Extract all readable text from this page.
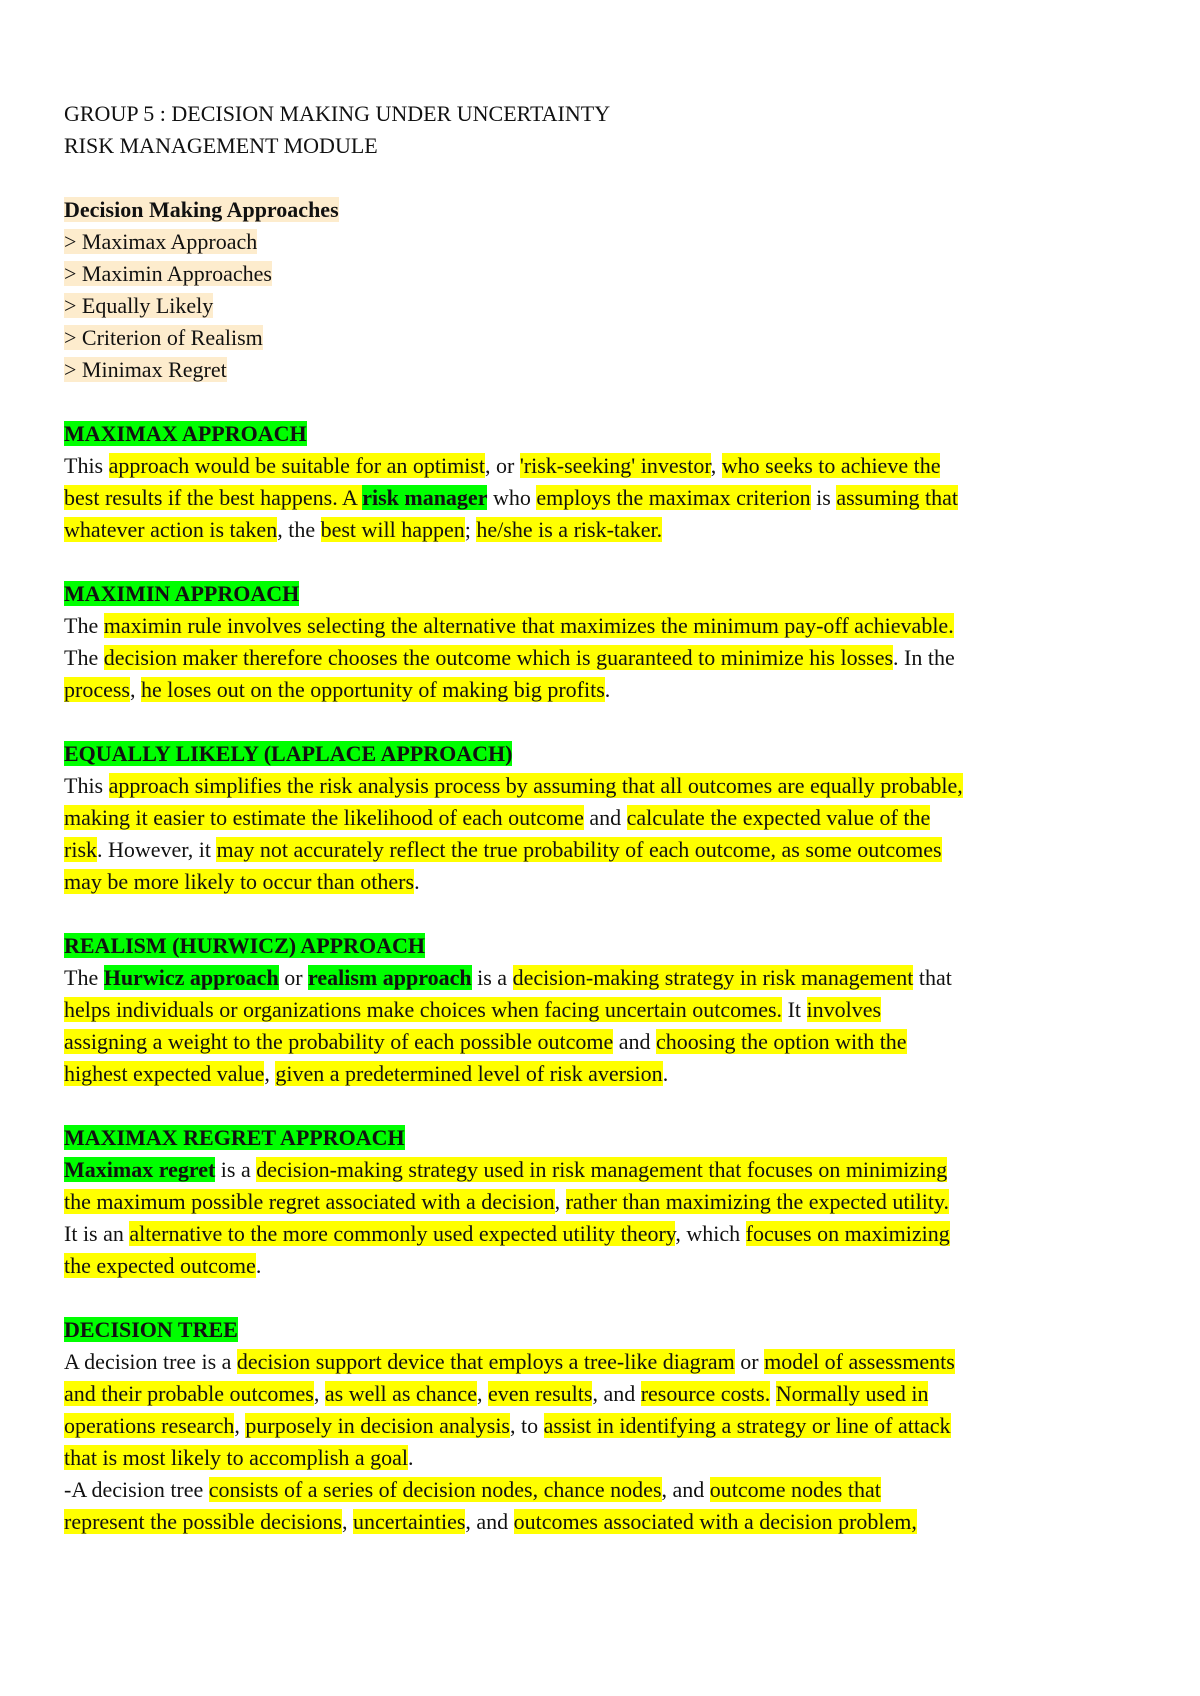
GROUP 5 : DECISION MAKING UNDER UNCERTAINTY
RISK MANAGEMENT MODULE
Decision Making Approaches
> Maximax Approach
> Maximin Approaches
> Equally Likely
> Criterion of Realism
> Minimax Regret
MAXIMAX APPROACH
This approach would be suitable for an optimist, or 'risk-seeking' investor, who seeks to achieve the
best results if the best happens. A risk manager who employs the maximax criterion is assuming that
whatever action is taken, the best will happen; he/she is a risk-taker.
MAXIMIN APPROACH
The maximin rule involves selecting the alternative that maximizes the minimum pay-off achievable.
The decision maker therefore chooses the outcome which is guaranteed to minimize his losses. In the
process, he loses out on the opportunity of making big profits.
EQUALLY LIKELY (LAPLACE APPROACH)
This approach simplifies the risk analysis process by assuming that all outcomes are equally probable,
making it easier to estimate the likelihood of each outcome and calculate the expected value of the
risk. However, it may not accurately reflect the true probability of each outcome, as some outcomes
may be more likely to occur than others.
REALISM (HURWICZ) APPROACH
The Hurwicz approach or realism approach is a decision-making strategy in risk management that
helps individuals or organizations make choices when facing uncertain outcomes. It involves
assigning a weight to the probability of each possible outcome and choosing the option with the
highest expected value, given a predetermined level of risk aversion.
MAXIMAX REGRET APPROACH
Maximax regret is a decision-making strategy used in risk management that focuses on minimizing
the maximum possible regret associated with a decision, rather than maximizing the expected utility.
It is an alternative to the more commonly used expected utility theory, which focuses on maximizing
the expected outcome.
DECISION TREE
A decision tree is a decision support device that employs a tree-like diagram or model of assessments
and their probable outcomes, as well as chance, even results, and resource costs. Normally used in
operations research, purposely in decision analysis, to assist in identifying a strategy or line of attack
that is most likely to accomplish a goal.
-A decision tree consists of a series of decision nodes, chance nodes, and outcome nodes that
represent the possible decisions, uncertainties, and outcomes associated with a decision problem,
